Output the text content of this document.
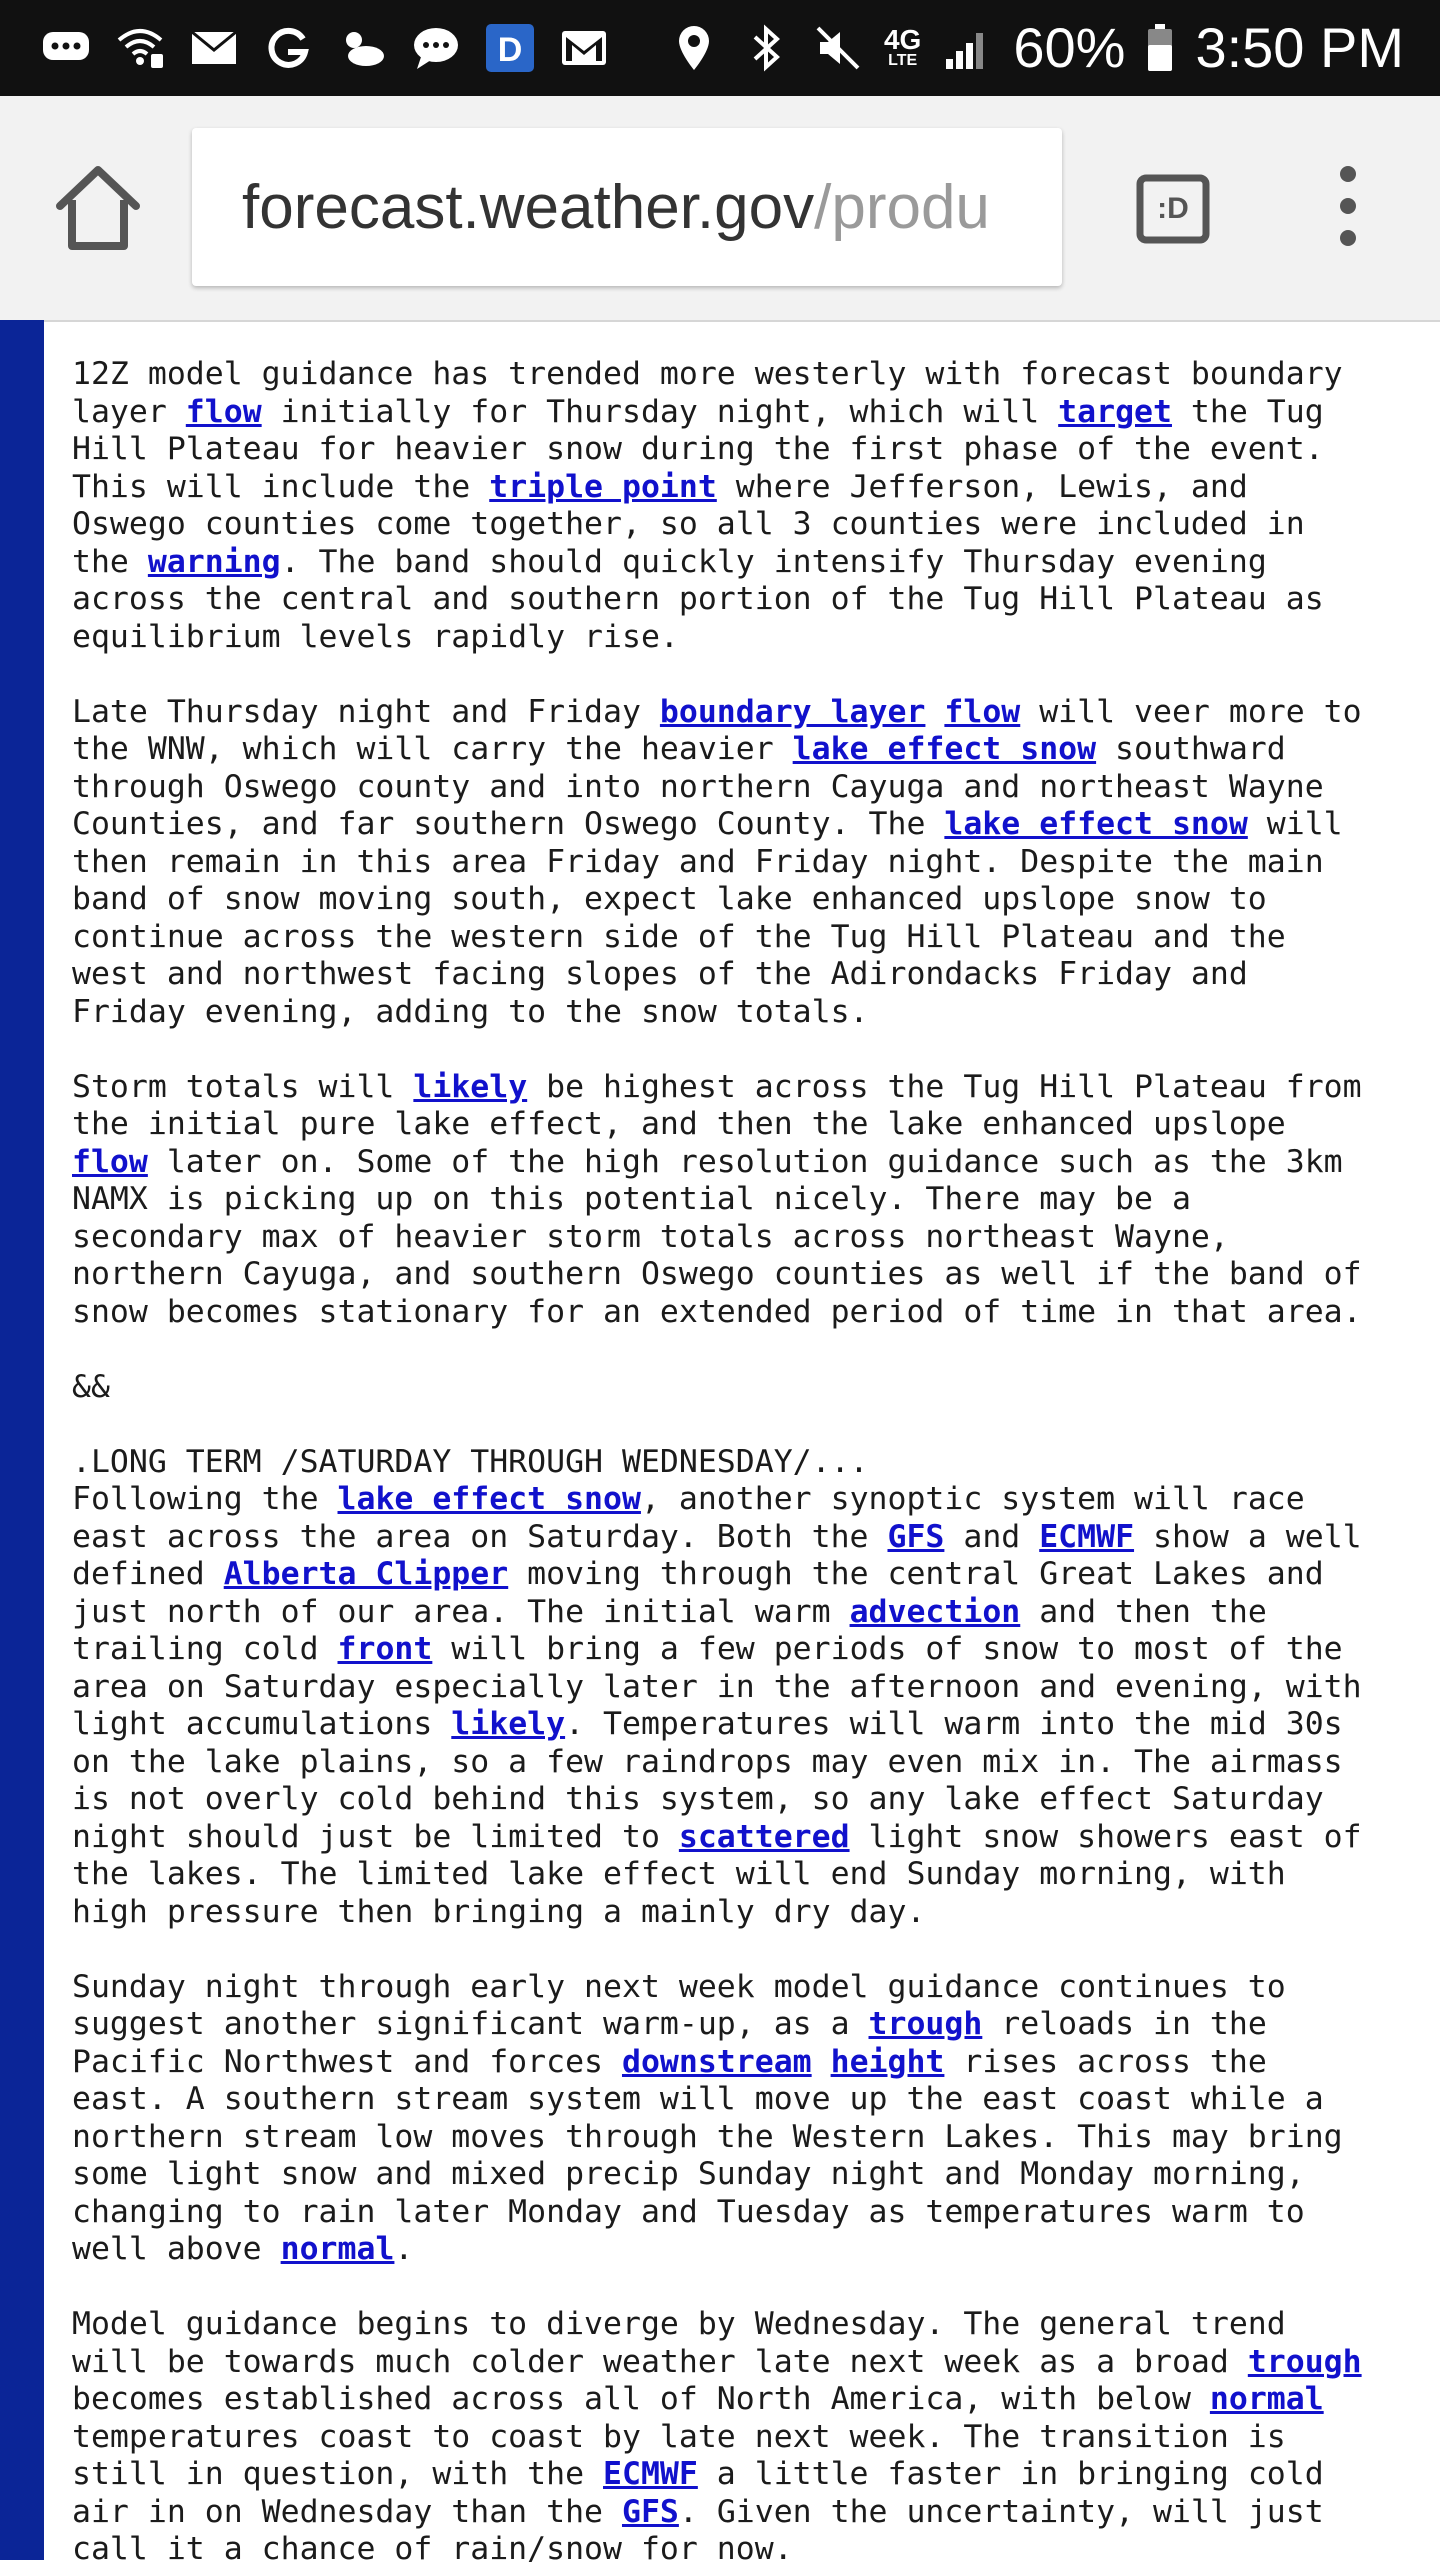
D	4G
LTE 60% 3:50 PM
forecast.weather.gov/produ	:D
12Z model guidance has trended more westerly with forecast boundary
layer flow initially for Thursday night, which will target the Tug
Hill Plateau for heavier snow during the first phase of the event.
This will include the triple point where Jefferson, Lewis, and
Oswego counties come together, so all 3 counties were included in
the warning. The band should quickly intensify Thursday evening
across the central and southern portion of the Tug Hill Plateau as
equilibrium levels rapidly rise.
Late Thursday night and Friday boundary layer flow will veer more to
the WNW, which will carry the heavier lake effect snow southward
through Oswego county and into northern Cayuga and northeast Wayne
Counties, and far southern Oswego County. The lake effect snow will
then remain in this area Friday and Friday night. Despite the main
band of snow moving south, expect lake enhanced upslope snow to
continue across the western side of the Tug Hill Plateau and the
west and northwest facing slopes of the Adirondacks Friday and
Friday evening, adding to the snow totals.
Storm totals will likely be highest across the Tug Hill Plateau from
the initial pure lake effect, and then the lake enhanced upslope
flow later on. Some of the high resolution guidance such as the 3km
NAMX is picking up on this potential nicely. There may be a
secondary max of heavier storm totals across northeast Wayne,
northern Cayuga, and southern Oswego counties as well if the band of
snow becomes stationary for an extended period of time in that area.
&&
.LONG TERM /SATURDAY THROUGH WEDNESDAY/...
Following the lake effect snow, another synoptic system will race
east across the area on Saturday. Both the GFS and ECMWF show a well
defined Alberta Clipper moving through the central Great Lakes and
just north of our area. The initial warm advection and then the
trailing cold front will bring a few periods of snow to most of the
area on Saturday especially later in the afternoon and evening, with
light accumulations likely. Temperatures will warm into the mid 30s
on the lake plains, so a few raindrops may even mix in. The airmass
is not overly cold behind this system, so any lake effect Saturday
night should just be limited to scattered light snow showers east of
the lakes. The limited lake effect will end Sunday morning, with
high pressure then bringing a mainly dry day.
Sunday night through early next week model guidance continues to
suggest another significant warm-up, as a trough reloads in the
Pacific Northwest and forces downstream height rises across the
east. A southern stream system will move up the east coast while a
northern stream low moves through the Western Lakes. This may bring
some light snow and mixed precip Sunday night and Monday morning,
changing to rain later Monday and Tuesday as temperatures warm to
well above normal.
Model guidance begins to diverge by Wednesday. The general trend
will be towards much colder weather late next week as a broad trough
becomes established across all of North America, with below normal
temperatures coast to coast by late next week. The transition is
still in question, with the ECMWF a little faster in bringing cold
air in on Wednesday than the GFS. Given the uncertainty, will just
call it a chance of rain/snow for now.
